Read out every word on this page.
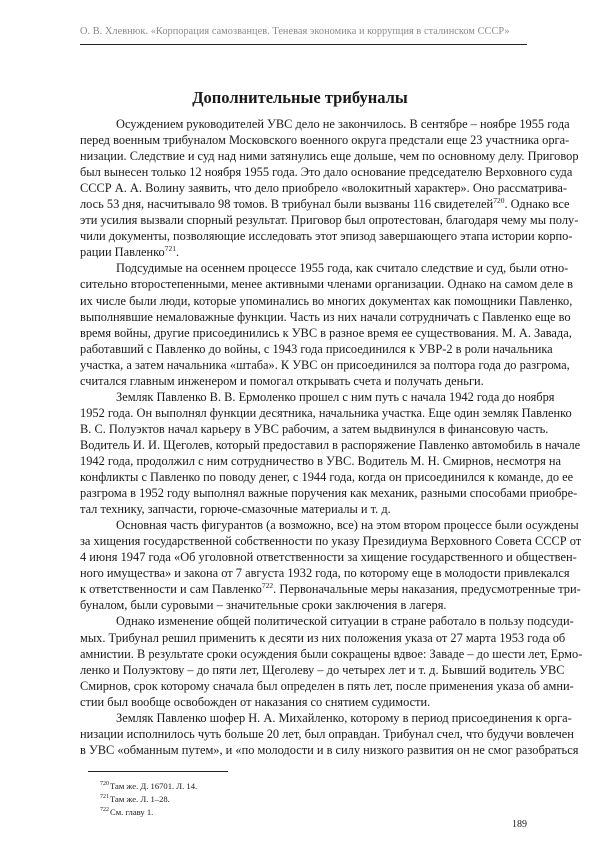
О. В. Хлевнюк. «Корпорация самозванцев. Теневая экономика и коррупция в сталинском СССР»
Дополнительные трибуналы
Осуждением руководителей УВС дело не закончилось. В сентябре – ноябре 1955 года
перед военным трибуналом Московского военного округа предстали еще 23 участника орга-
низации. Следствие и суд над ними затянулись еще дольше, чем по основному делу. Приговор
был вынесен только 12 ноября 1955 года. Это дало основание председателю Верховного суда
СССР А. А. Волину заявить, что дело приобрело «волокитный характер». Оно рассматрива-
лось 53 дня, насчитывало 98 томов. В трибунал были вызваны 116 свидетелей$^{720}$. Однако все
эти усилия вызвали спорный результат. Приговор был опротестован, благодаря чему мы полу-
чили документы, позволяющие исследовать этот эпизод завершающего этапа истории корпо-
рации Павленко$^{721}$.
Подсудимые на осеннем процессе 1955 года, как считало следствие и суд, были отно-
сительно второстепенными, менее активными членами организации. Однако на самом деле в
их числе были люди, которые упоминались во многих документах как помощники Павленко,
выполнявшие немаловажные функции. Часть из них начали сотрудничать с Павленко еще во
время войны, другие присоединились к УВС в разное время ее существования. М. А. Завада,
работавший с Павленко до войны, с 1943 года присоединился к УВР-2 в роли начальника
участка, а затем начальника «штаба». К УВС он присоединился за полтора года до разгрома,
считался главным инженером и помогал открывать счета и получать деньги.
Земляк Павленко В. В. Ермоленко прошел с ним путь с начала 1942 года до ноября
1952 года. Он выполнял функции десятника, начальника участка. Еще один земляк Павленко
В. С. Полуэктов начал карьеру в УВС рабочим, а затем выдвинулся в финансовую часть.
Водитель И. И. Щеголев, который предоставил в распоряжение Павленко автомобиль в начале
1942 года, продолжил с ним сотрудничество в УВС. Водитель М. Н. Смирнов, несмотря на
конфликты с Павленко по поводу денег, с 1944 года, когда он присоединился к команде, до ее
разгрома в 1952 году выполнял важные поручения как механик, разными способами приобре-
тал технику, запчасти, горюче-смазочные материалы и т. д.
Основная часть фигурантов (а возможно, все) на этом втором процессе были осуждены
за хищения государственной собственности по указу Президиума Верховного Совета СССР от
4 июня 1947 года «Об уголовной ответственности за хищение государственного и обществен-
ного имущества» и закона от 7 августа 1932 года, по которому еще в молодости привлекался
к ответственности и сам Павленко$^{722}$. Первоначальные меры наказания, предусмотренные три-
буналом, были суровыми – значительные сроки заключения в лагеря.
Однако изменение общей политической ситуации в стране работало в пользу подсуди-
мых. Трибунал решил применить к десяти из них положения указа от 27 марта 1953 года об
амнистии. В результате сроки осуждения были сокращены вдвое: Заваде – до шести лет, Ермо-
ленко и Полуэктову – до пяти лет, Щеголеву – до четырех лет и т. д. Бывший водитель УВС
Смирнов, срок которому сначала был определен в пять лет, после применения указа об амни-
стии был вообще освобожден от наказания со снятием судимости.
Земляк Павленко шофер Н. А. Михайленко, которому в период присоединения к орга-
низации исполнилось чуть больше 20 лет, был оправдан. Трибунал счел, что будучи вовлечен
в УВС «обманным путем», и «по молодости и в силу низкого развития он не смог разобраться
$^{720}$Там же. Д. 16701. Л. 14.
$^{721}$Там же. Л. 1–28.
$^{722}$См. главу 1.
189
